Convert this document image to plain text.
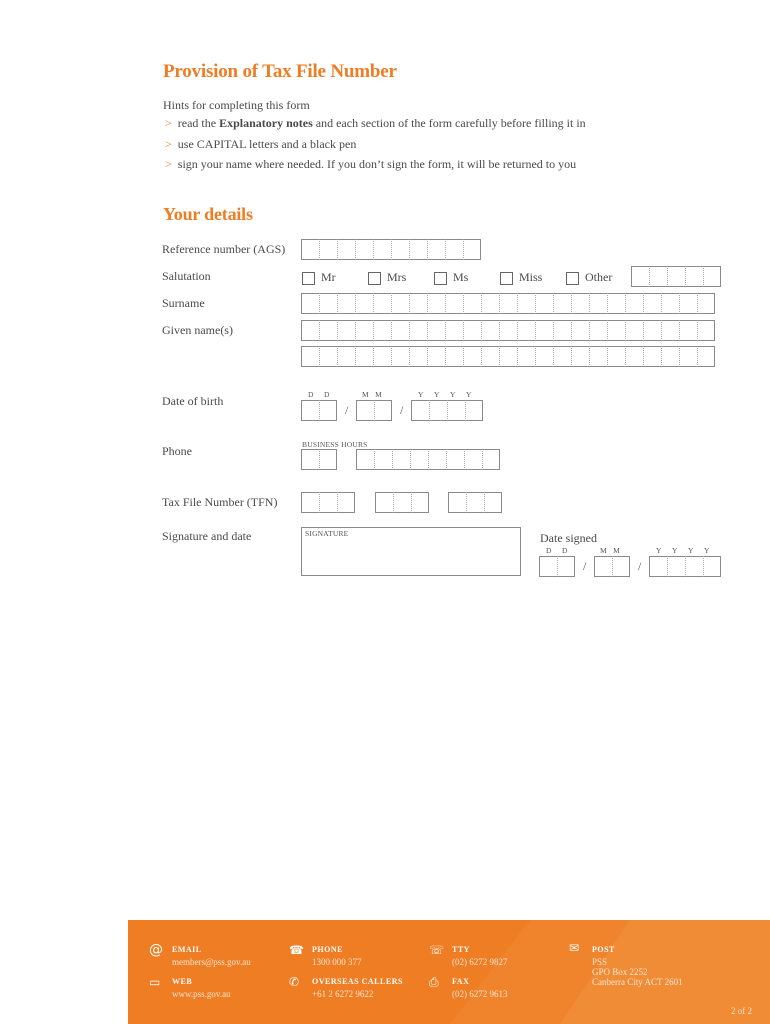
Provision of Tax File Number
Hints for completing this form
> read the Explanatory notes and each section of the form carefully before filling it in
> use CAPITAL letters and a black pen
> sign your name where needed. If you don’t sign the form, it will be returned to you
Your details
Reference number (AGS)
Salutation	Mr	Mrs	Ms	Miss	Other
Surname
Given name(s)
Date of birth	D D	M M	Y Y Y Y
/	/
Phone	BUSINESS HOURS
Tax File Number (TFN)
Signature and date	SIGNATURE	Date signed
D D	M M	Y Y Y Y
/	/
@ EMAIL
members@pss.gov.au
▭ WEB
www.pss.gov.au
☎ PHONE
1300 000 377
✆ OVERSEAS CALLERS
+61 2 6272 9622
☏ TTY
(02) 6272 9827
⎙ FAX
(02) 6272 9613
✉ POST
PSS
GPO Box 2252
Canberra City ACT 2601
2 of 2
